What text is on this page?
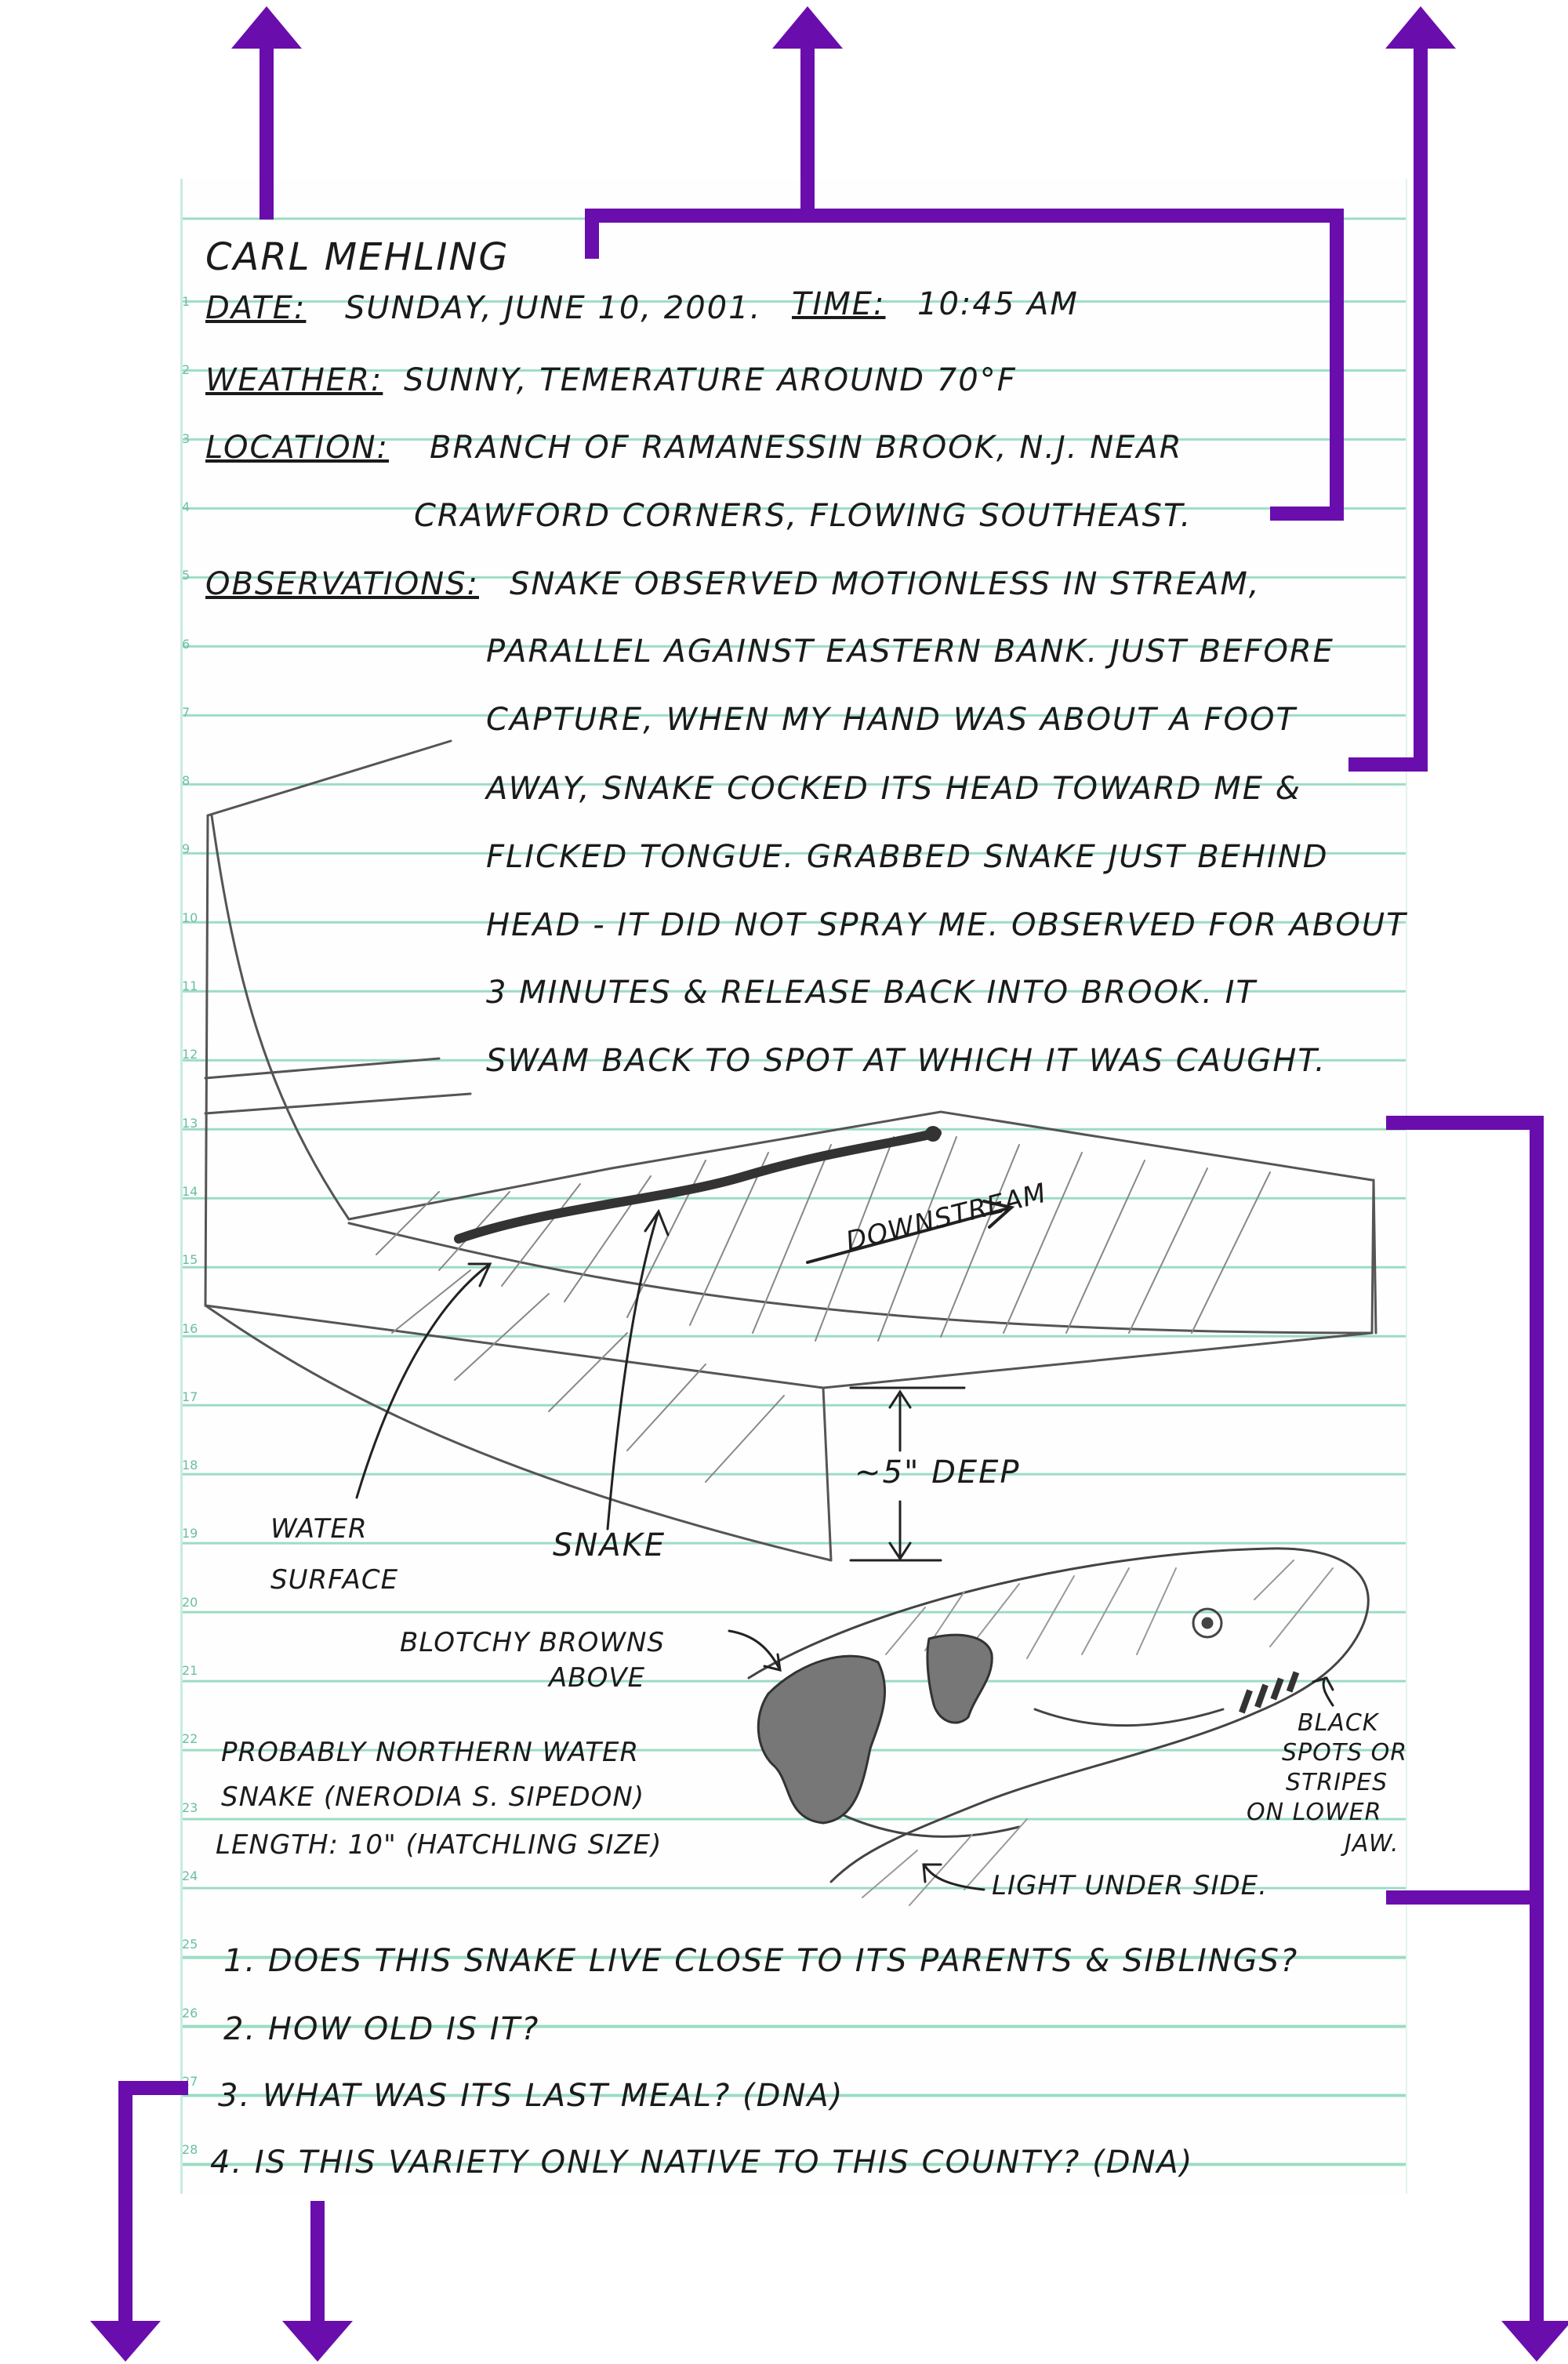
1
2
3
4
5
6
7
8
9
10
11
12
13
14
15
16
17
18
19
20
21
22
23
24
25
26
27
28
CARL MEHLING
DATE: SUNDAY, JUNE 10, 2001. TIME: 10:45 AM
WEATHER: SUNNY, TEMERATURE AROUND 70°F
LOCATION: BRANCH OF RAMANESSIN BROOK, N.J. NEAR
CRAWFORD CORNERS, FLOWING SOUTHEAST.
OBSERVATIONS: SNAKE OBSERVED MOTIONLESS IN STREAM,
PARALLEL AGAINST EASTERN BANK. JUST BEFORE
CAPTURE, WHEN MY HAND WAS ABOUT A FOOT
AWAY, SNAKE COCKED ITS HEAD TOWARD ME &
FLICKED TONGUE. GRABBED SNAKE JUST BEHIND
HEAD - IT DID NOT SPRAY ME. OBSERVED FOR ABOUT
3 MINUTES & RELEASE BACK INTO BROOK. IT
SWAM BACK TO SPOT AT WHICH IT WAS CAUGHT.
DOWNSTREAM
~5" DEEP
WATER
SURFACE
SNAKE
BLOTCHY BROWNS
ABOVE
BLACK
SPOTS OR
STRIPES
ON LOWER
JAW.
LIGHT UNDER SIDE.
PROBABLY NORTHERN WATER
SNAKE (NERODIA S. SIPEDON)
LENGTH: 10" (HATCHLING SIZE)
1. DOES THIS SNAKE LIVE CLOSE TO ITS PARENTS & SIBLINGS?
2. HOW OLD IS IT?
3. WHAT WAS ITS LAST MEAL? (DNA)
4. IS THIS VARIETY ONLY NATIVE TO THIS COUNTY? (DNA)
